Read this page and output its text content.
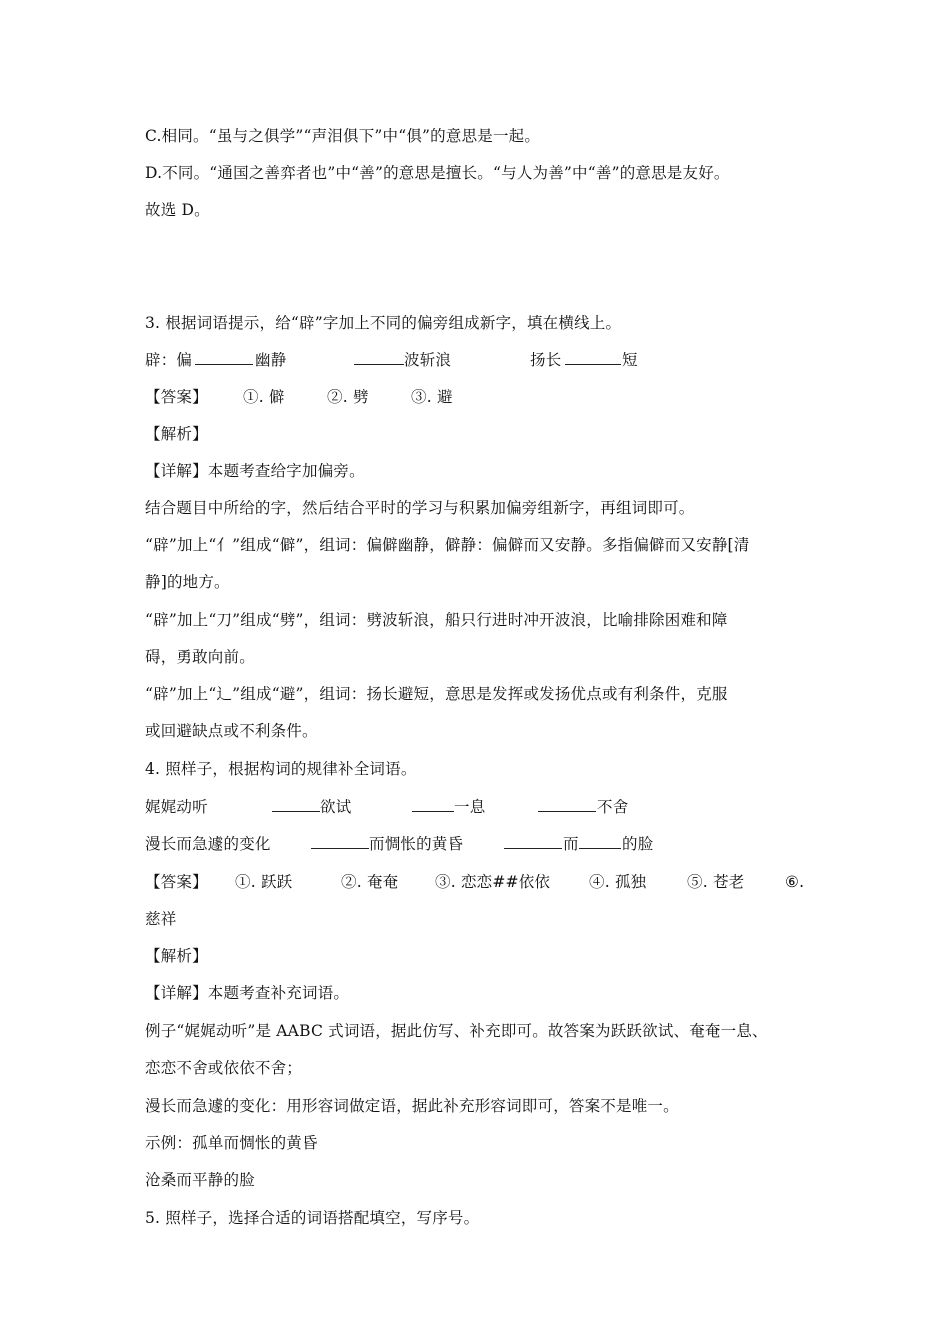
C.相同。“虽与之俱学”“声泪俱下”中“俱”的意思是一起。
D.不同。“通国之善弈者也”中“善”的意思是擅长。“与人为善”中“善”的意思是友好。
故选 D。
3. 根据词语提示，给“辟”字加上不同的偏旁组成新字，填在横线上。
辟：偏	幽静	波斩浪	扬长	短
【答案】 ①. 僻	②. 劈	③. 避
【解析】
【详解】本题考查给字加偏旁。
结合题目中所给的字，然后结合平时的学习与积累加偏旁组新字，再组词即可。
“辟”加上“亻”组成“僻”，组词：偏僻幽静，僻静：偏僻而又安静。多指偏僻而又安静[清
静]的地方。
“辟”加上“刀”组成“劈”，组词：劈波斩浪，船只行进时冲开波浪，比喻排除困难和障
碍，勇敢向前。
“辟”加上“辶”组成“避”，组词：扬长避短，意思是发挥或发扬优点或有利条件，克服
或回避缺点或不利条件。
4. 照样子，根据构词的规律补全词语。
娓娓动听	欲试	一息	不舍
漫长而急遽的变化	而惆怅的黄昏	而	的脸
【答案】 ①. 跃跃	②. 奄奄 ③. 恋恋##依依	④. 孤独	⑤. 苍老	⑥.
慈祥
【解析】
【详解】本题考查补充词语。
例子“娓娓动听”是 AABC 式词语，据此仿写、补充即可。故答案为跃跃欲试、奄奄一息、
恋恋不舍或依依不舍；
漫长而急遽的变化：用形容词做定语，据此补充形容词即可，答案不是唯一。
示例：孤单而惆怅的黄昏
沧桑而平静的脸
5. 照样子，选择合适的词语搭配填空，写序号。
